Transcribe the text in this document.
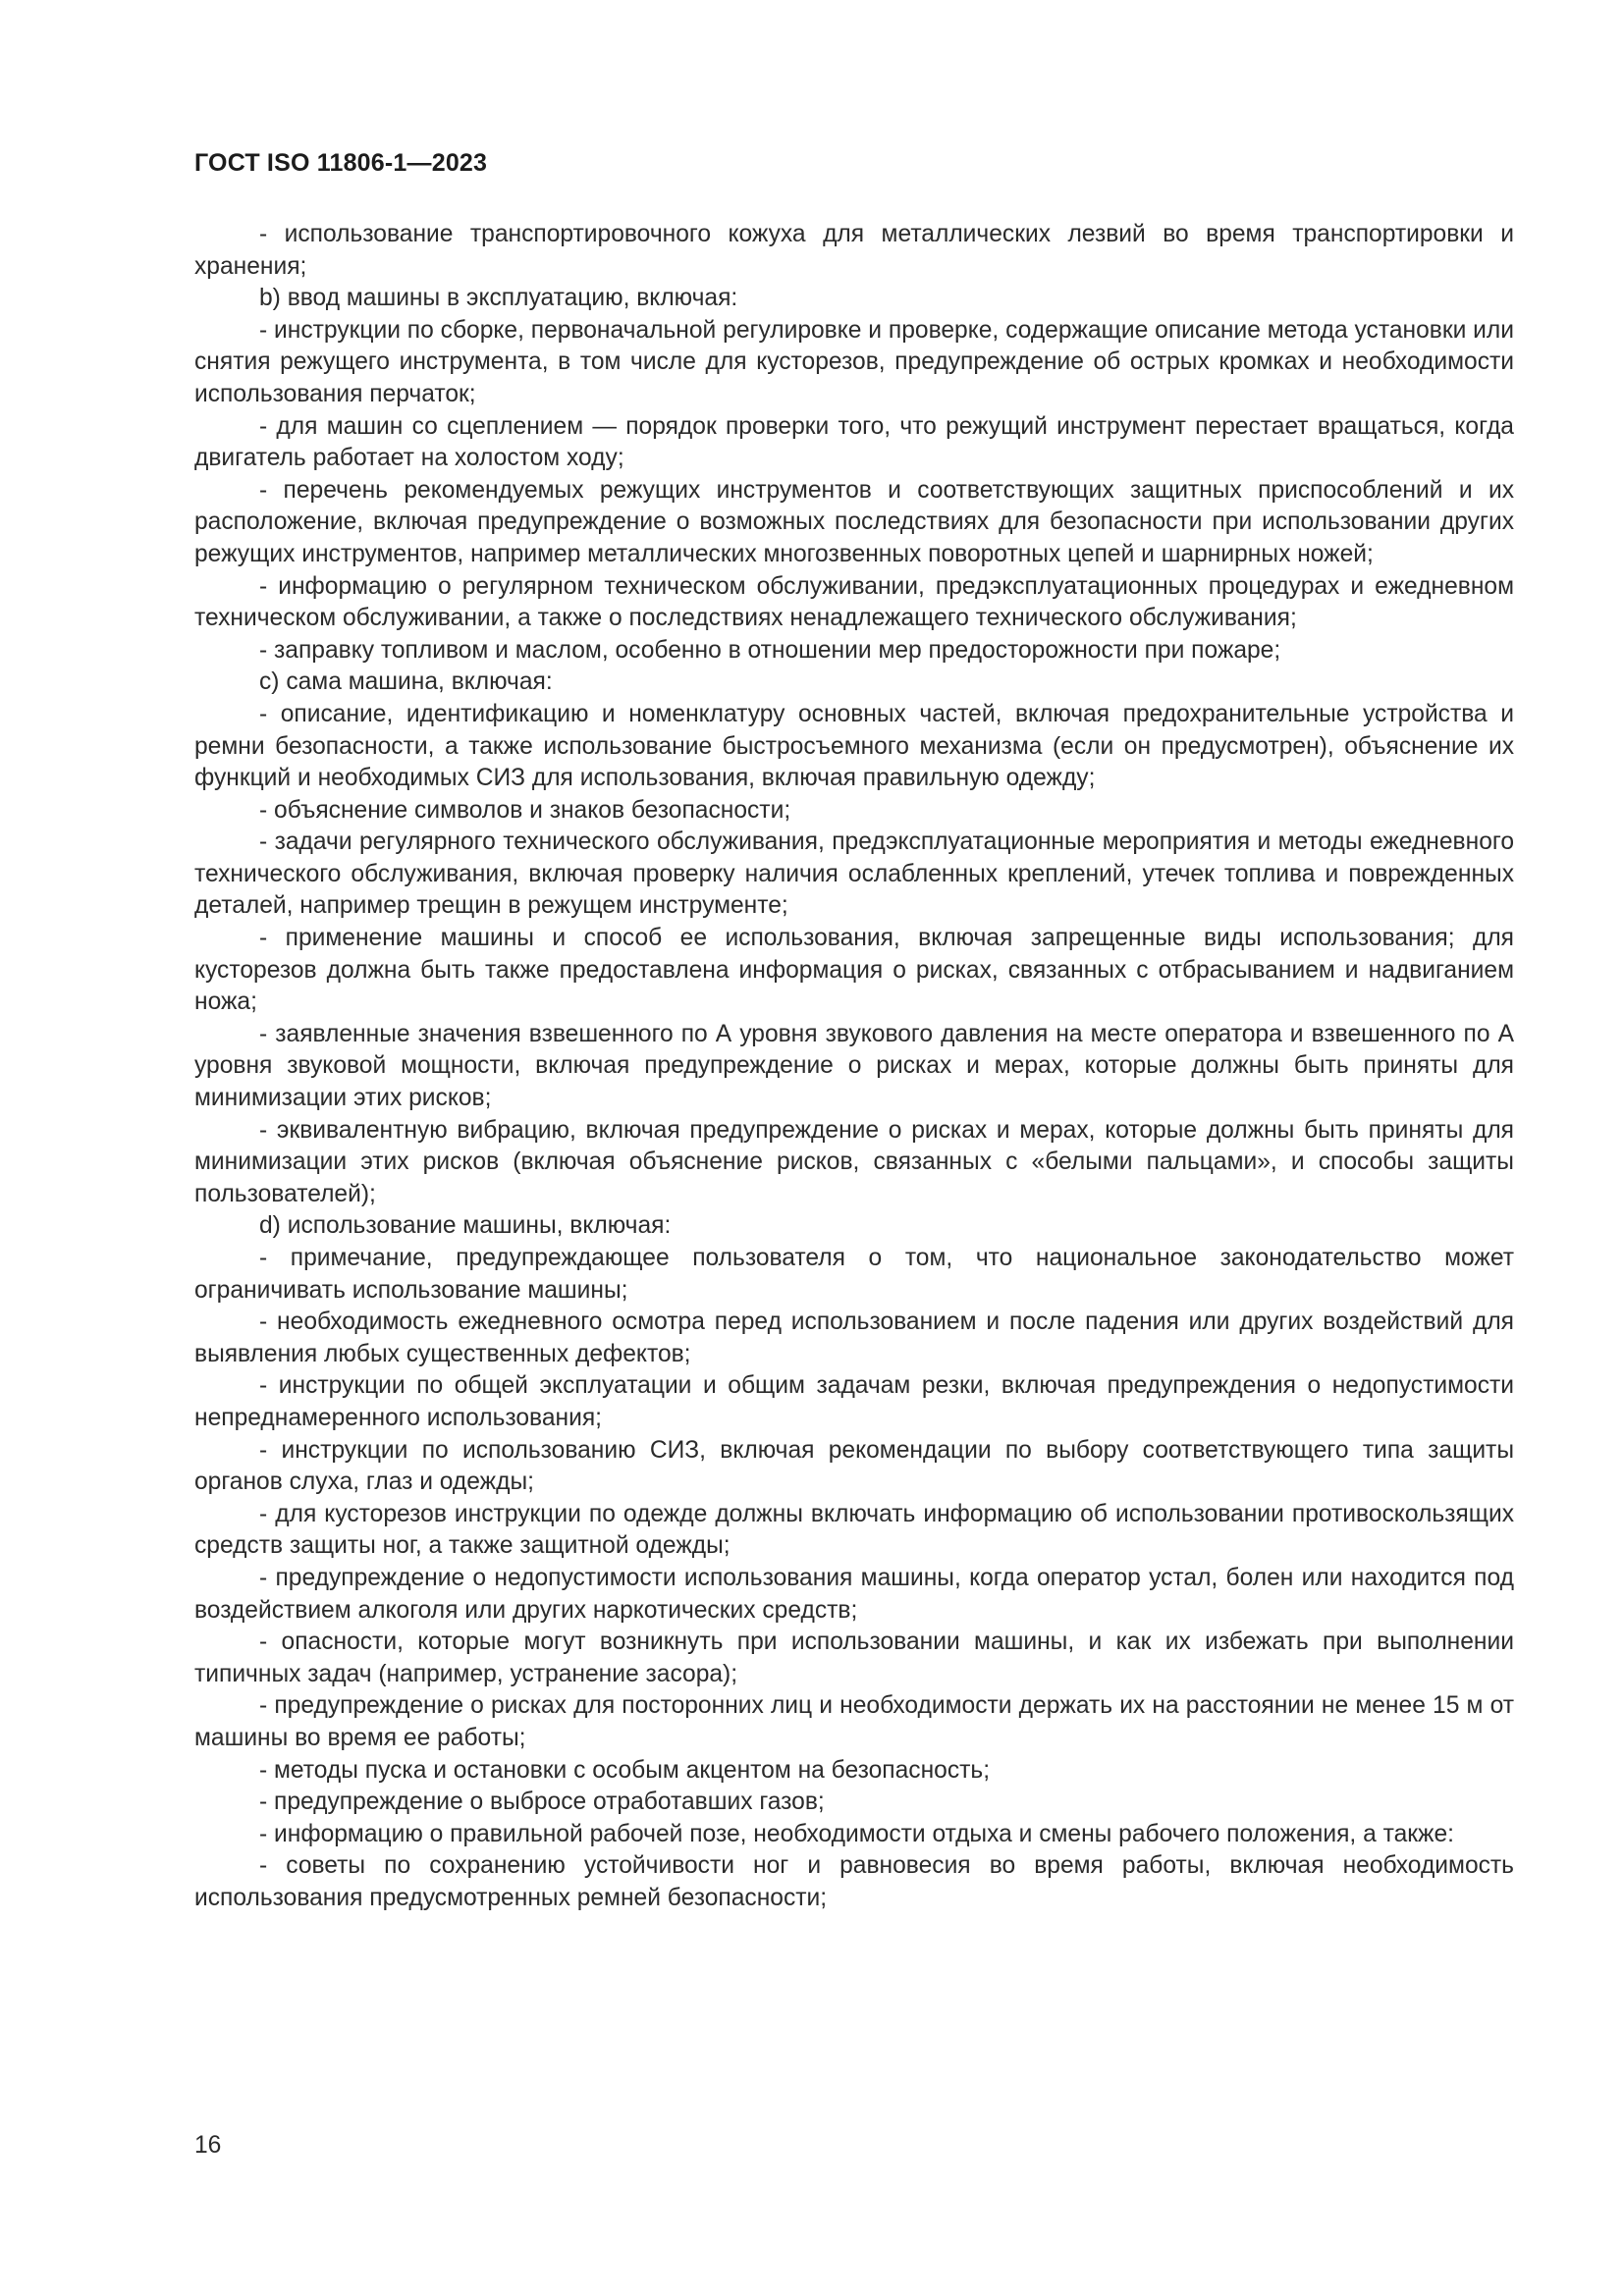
ГОСТ ISO 11806-1—2023

- использование транспортировочного кожуха для металлических лезвий во время транспортировки и хранения;

b) ввод машины в эксплуатацию, включая:

- инструкции по сборке, первоначальной регулировке и проверке, содержащие описание метода установки или снятия режущего инструмента, в том числе для кусторезов, предупреждение об острых кромках и необходимости использования перчаток;

- для машин со сцеплением — порядок проверки того, что режущий инструмент перестает вращаться, когда двигатель работает на холостом ходу;

- перечень рекомендуемых режущих инструментов и соответствующих защитных приспособлений и их расположение, включая предупреждение о возможных последствиях для безопасности при использовании других режущих инструментов, например металлических многозвенных поворотных цепей и шарнирных ножей;

- информацию о регулярном техническом обслуживании, предэксплуатационных процедурах и ежедневном техническом обслуживании, а также о последствиях ненадлежащего технического обслуживания;

- заправку топливом и маслом, особенно в отношении мер предосторожности при пожаре;

c) сама машина, включая:

- описание, идентификацию и номенклатуру основных частей, включая предохранительные устройства и ремни безопасности, а также использование быстросъемного механизма (если он предусмотрен), объяснение их функций и необходимых СИЗ для использования, включая правильную одежду;

- объяснение символов и знаков безопасности;

- задачи регулярного технического обслуживания, предэксплуатационные мероприятия и методы ежедневного технического обслуживания, включая проверку наличия ослабленных креплений, утечек топлива и поврежденных деталей, например трещин в режущем инструменте;

- применение машины и способ ее использования, включая запрещенные виды использования; для кусторезов должна быть также предоставлена информация о рисках, связанных с отбрасыванием и надвиганием ножа;

- заявленные значения взвешенного по А уровня звукового давления на месте оператора и взвешенного по А уровня звуковой мощности, включая предупреждение о рисках и мерах, которые должны быть приняты для минимизации этих рисков;

- эквивалентную вибрацию, включая предупреждение о рисках и мерах, которые должны быть приняты для минимизации этих рисков (включая объяснение рисков, связанных с «белыми пальцами», и способы защиты пользователей);

d) использование машины, включая:

- примечание, предупреждающее пользователя о том, что национальное законодательство может ограничивать использование машины;

- необходимость ежедневного осмотра перед использованием и после падения или других воздействий для выявления любых существенных дефектов;

- инструкции по общей эксплуатации и общим задачам резки, включая предупреждения о недопустимости непреднамеренного использования;

- инструкции по использованию СИЗ, включая рекомендации по выбору соответствующего типа защиты органов слуха, глаз и одежды;

- для кусторезов инструкции по одежде должны включать информацию об использовании противоскользящих средств защиты ног, а также защитной одежды;

- предупреждение о недопустимости использования машины, когда оператор устал, болен или находится под воздействием алкоголя или других наркотических средств;

- опасности, которые могут возникнуть при использовании машины, и как их избежать при выполнении типичных задач (например, устранение засора);

- предупреждение о рисках для посторонних лиц и необходимости держать их на расстоянии не менее 15 м от машины во время ее работы;

- методы пуска и остановки с особым акцентом на безопасность;

- предупреждение о выбросе отработавших газов;

- информацию о правильной рабочей позе, необходимости отдыха и смены рабочего положения, а также:

- советы по сохранению устойчивости ног и равновесия во время работы, включая необходимость использования предусмотренных ремней безопасности;

16
